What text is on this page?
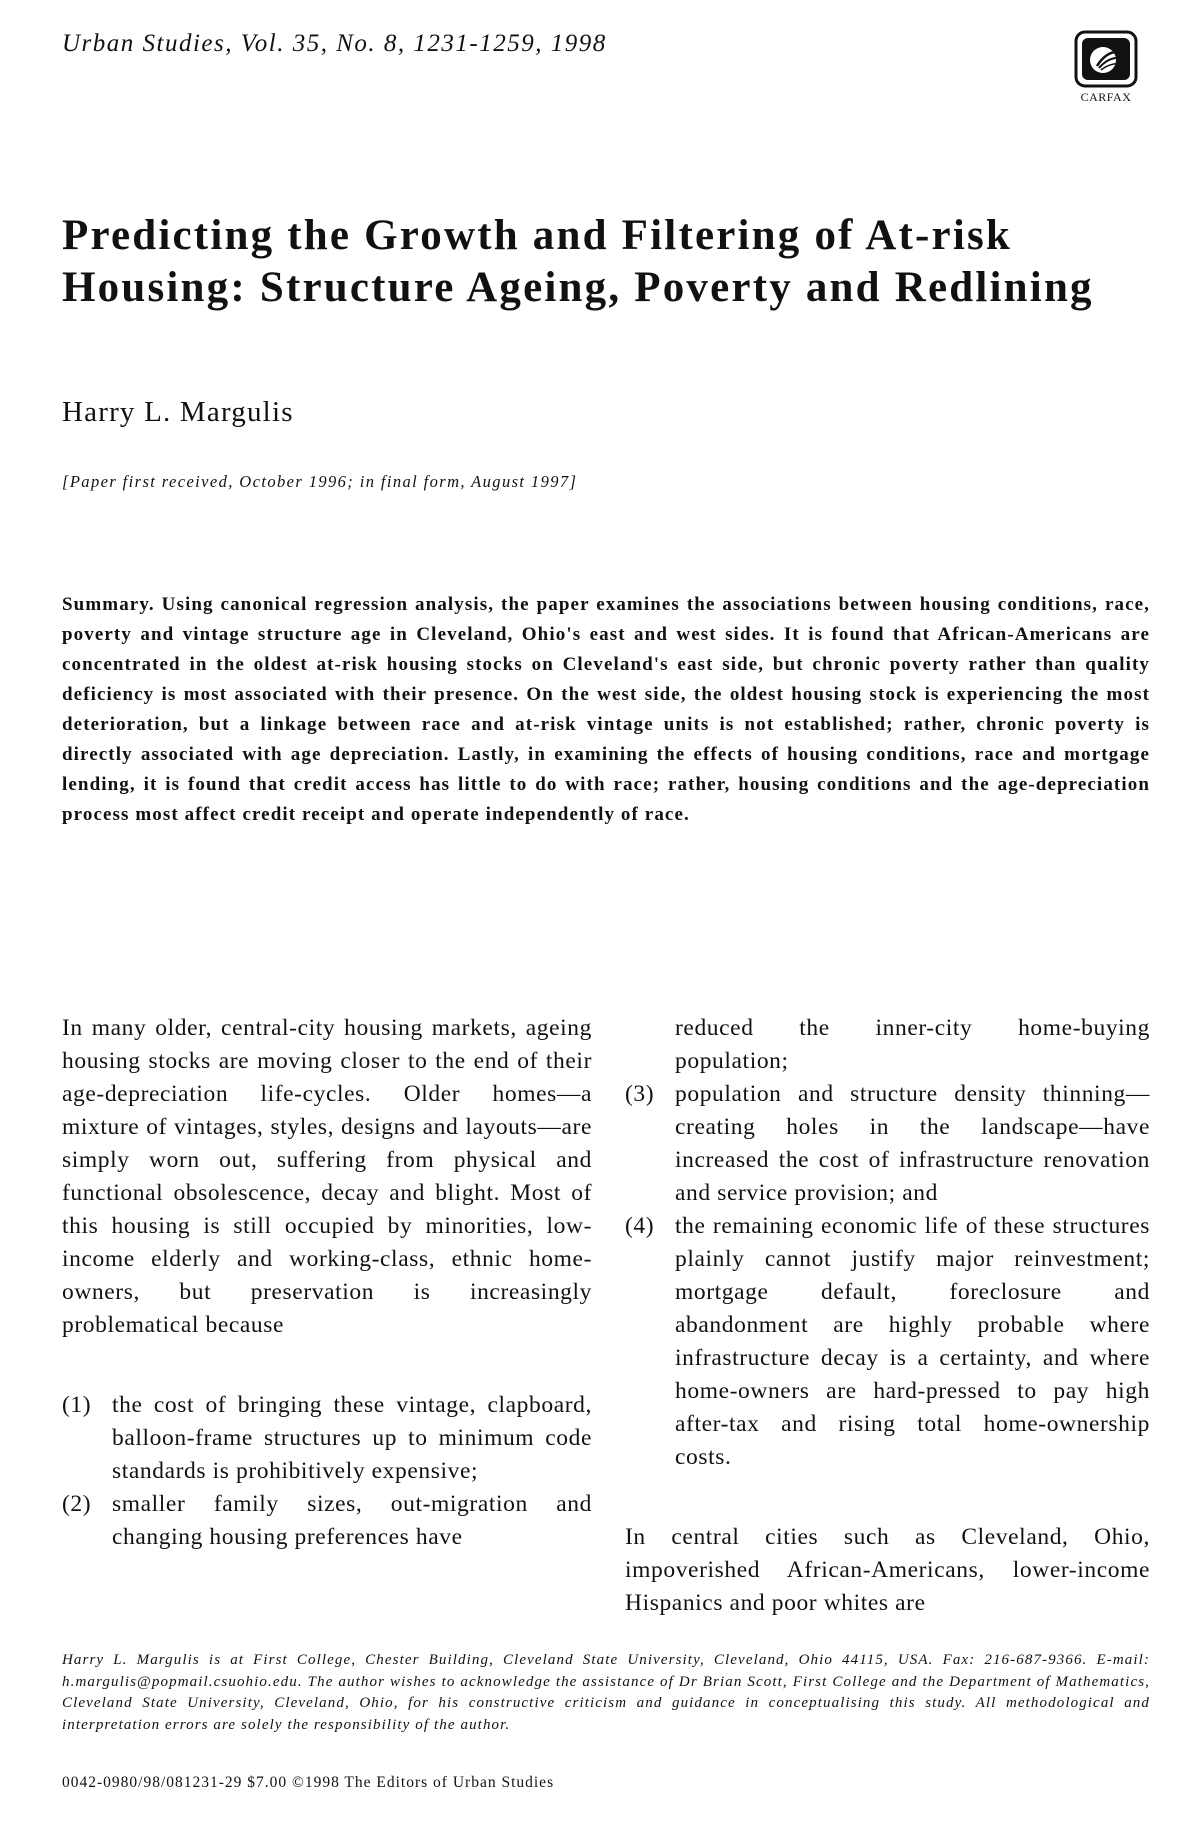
Urban Studies, Vol. 35, No. 8, 1231-1259, 1998
CARFAX
Predicting the Growth and Filtering of At-risk Housing: Structure Ageing, Poverty and Redlining
Harry L. Margulis
[Paper first received, October 1996; in final form, August 1997]

Summary. Using canonical regression analysis, the paper examines the associations between housing conditions, race, poverty and vintage structure age in Cleveland, Ohio's east and west sides. It is found that African-Americans are concentrated in the oldest at-risk housing stocks on Cleveland's east side, but chronic poverty rather than quality deficiency is most associated with their presence. On the west side, the oldest housing stock is experiencing the most deterioration, but a linkage between race and at-risk vintage units is not established; rather, chronic poverty is directly associated with age depreciation. Lastly, in examining the effects of housing conditions, race and mortgage lending, it is found that credit access has little to do with race; rather, housing conditions and the age-depreciation process most affect credit receipt and operate independently of race.

In many older, central-city housing markets, ageing housing stocks are moving closer to the end of their age-depreciation life-cycles. Older homes—a mixture of vintages, styles, designs and layouts—are simply worn out, suffering from physical and functional obsolescence, decay and blight. Most of this housing is still occupied by minorities, low-income elderly and working-class, ethnic home-owners, but preservation is increasingly problematical because

(1) the cost of bringing these vintage, clapboard, balloon-frame structures up to minimum code standards is prohibitively expensive;
(2) smaller family sizes, out-migration and changing housing preferences have
reduced the inner-city home-buying population;
(3) population and structure density thinning—creating holes in the landscape—have increased the cost of infrastructure renovation and service provision; and
(4) the remaining economic life of these structures plainly cannot justify major reinvestment; mortgage default, foreclosure and abandonment are highly probable where infrastructure decay is a certainty, and where home-owners are hard-pressed to pay high after-tax and rising total home-ownership costs.

In central cities such as Cleveland, Ohio, impoverished African-Americans, lower-income Hispanics and poor whites are

Harry L. Margulis is at First College, Chester Building, Cleveland State University, Cleveland, Ohio 44115, USA. Fax: 216-687-9366. E-mail: h.margulis@popmail.csuohio.edu. The author wishes to acknowledge the assistance of Dr Brian Scott, First College and the Department of Mathematics, Cleveland State University, Cleveland, Ohio, for his constructive criticism and guidance in conceptualising this study. All methodological and interpretation errors are solely the responsibility of the author.

0042-0980/98/081231-29 $7.00 ©1998 The Editors of Urban Studies
